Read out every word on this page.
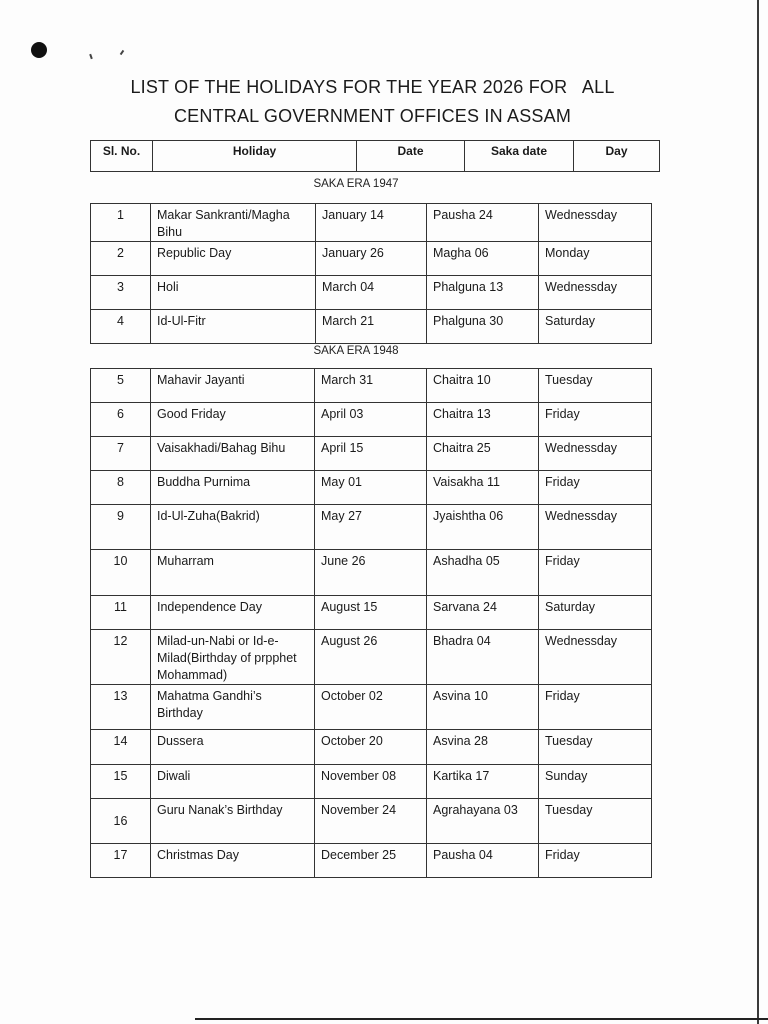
LIST OF THE HOLIDAYS FOR THE YEAR 2026 FOR   ALL
CENTRAL GOVERNMENT OFFICES IN ASSAM
Sl. No.	Holiday	Date	Saka date	Day
SAKA ERA 1947
1	Makar Sankranti/Magha Bihu	January 14	Pausha 24	Wednessday
2	Republic Day	January 26	Magha 06	Monday
3	Holi	March 04	Phalguna 13	Wednessday
4	Id-Ul-Fitr	March 21	Phalguna 30	Saturday
SAKA ERA 1948
5	Mahavir Jayanti	March 31	Chaitra 10	Tuesday
6	Good Friday	April 03	Chaitra 13	Friday
7	Vaisakhadi/Bahag Bihu	April 15	Chaitra 25	Wednessday
8	Buddha Purnima	May 01	Vaisakha 11	Friday
9	Id-Ul-Zuha(Bakrid)	May 27	Jyaishtha 06	Wednessday
10	Muharram	June 26	Ashadha 05	Friday
11	Independence Day	August 15	Sarvana 24	Saturday
12	Milad-un-Nabi or Id-e-Milad(Birthday of prpphet Mohammad)	August 26	Bhadra 04	Wednessday
13	Mahatma Gandhi’s Birthday	October 02	Asvina 10	Friday
14	Dussera	October 20	Asvina 28	Tuesday
15	Diwali	November 08	Kartika 17	Sunday
16	Guru Nanak’s Birthday	November 24	Agrahayana 03	Tuesday
17	Christmas Day	December 25	Pausha 04	Friday
